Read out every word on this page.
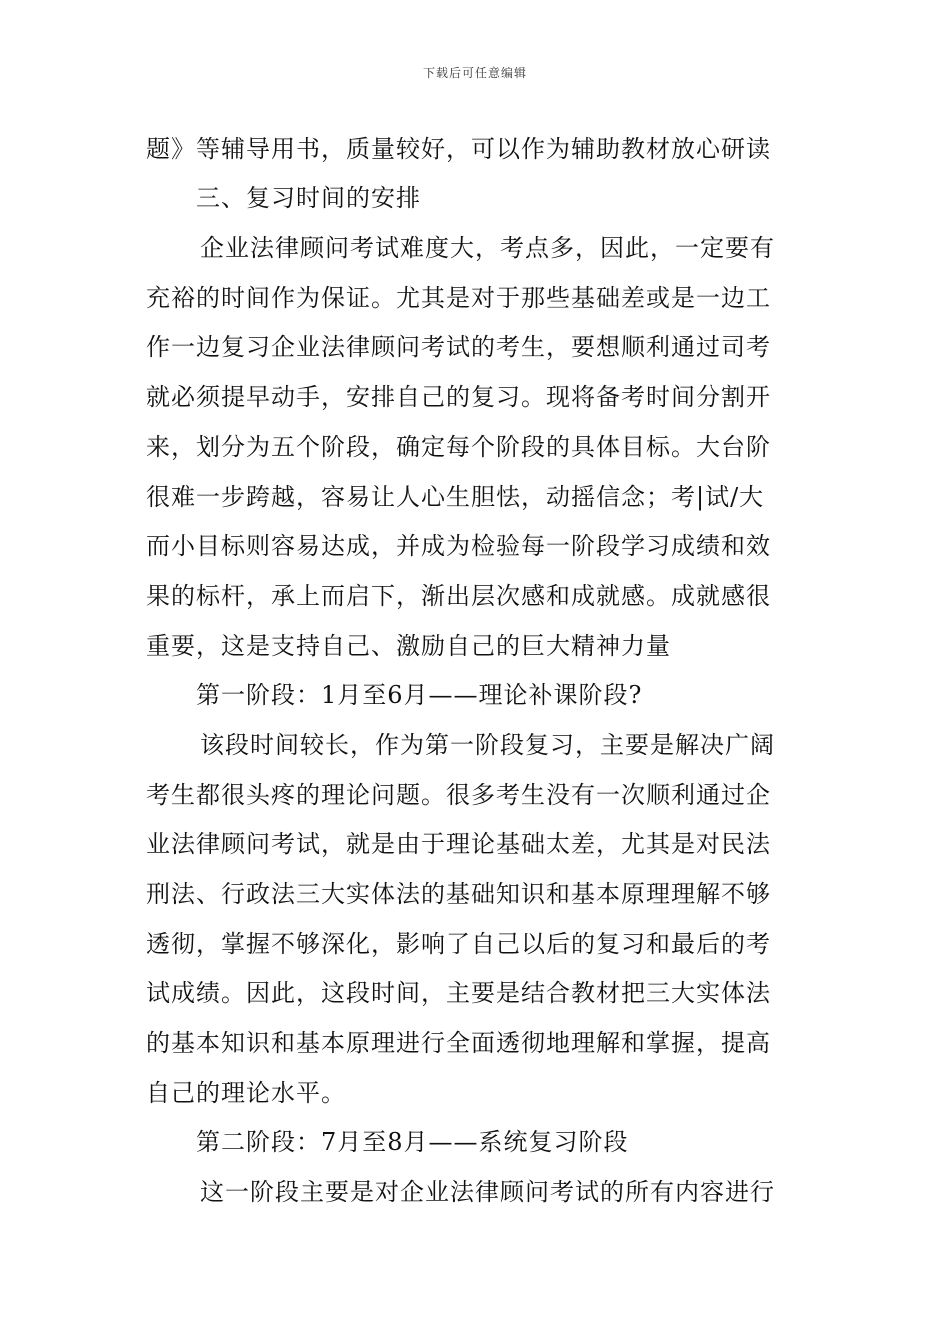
下载后可任意编辑
题》等辅导用书，质量较好，可以作为辅助教材放心研读
三、复习时间的安排
企业法律顾问考试难度大，考点多，因此，一定要有
充裕的时间作为保证。尤其是对于那些基础差或是一边工
作一边复习企业法律顾问考试的考生，要想顺利通过司考
就必须提早动手，安排自己的复习。现将备考时间分割开
来，划分为五个阶段，确定每个阶段的具体目标。大台阶
很难一步跨越，容易让人心生胆怯，动摇信念；考|试/大
而小目标则容易达成，并成为检验每一阶段学习成绩和效
果的标杆，承上而启下，渐出层次感和成就感。成就感很
重要，这是支持自己、激励自己的巨大精神力量
第一阶段：1月至6月——理论补课阶段?
该段时间较长，作为第一阶段复习，主要是解决广阔
考生都很头疼的理论问题。很多考生没有一次顺利通过企
业法律顾问考试，就是由于理论基础太差，尤其是对民法
刑法、行政法三大实体法的基础知识和基本原理理解不够
透彻，掌握不够深化，影响了自己以后的复习和最后的考
试成绩。因此，这段时间，主要是结合教材把三大实体法
的基本知识和基本原理进行全面透彻地理解和掌握，提高
自己的理论水平。
第二阶段：7月至8月——系统复习阶段
这一阶段主要是对企业法律顾问考试的所有内容进行
